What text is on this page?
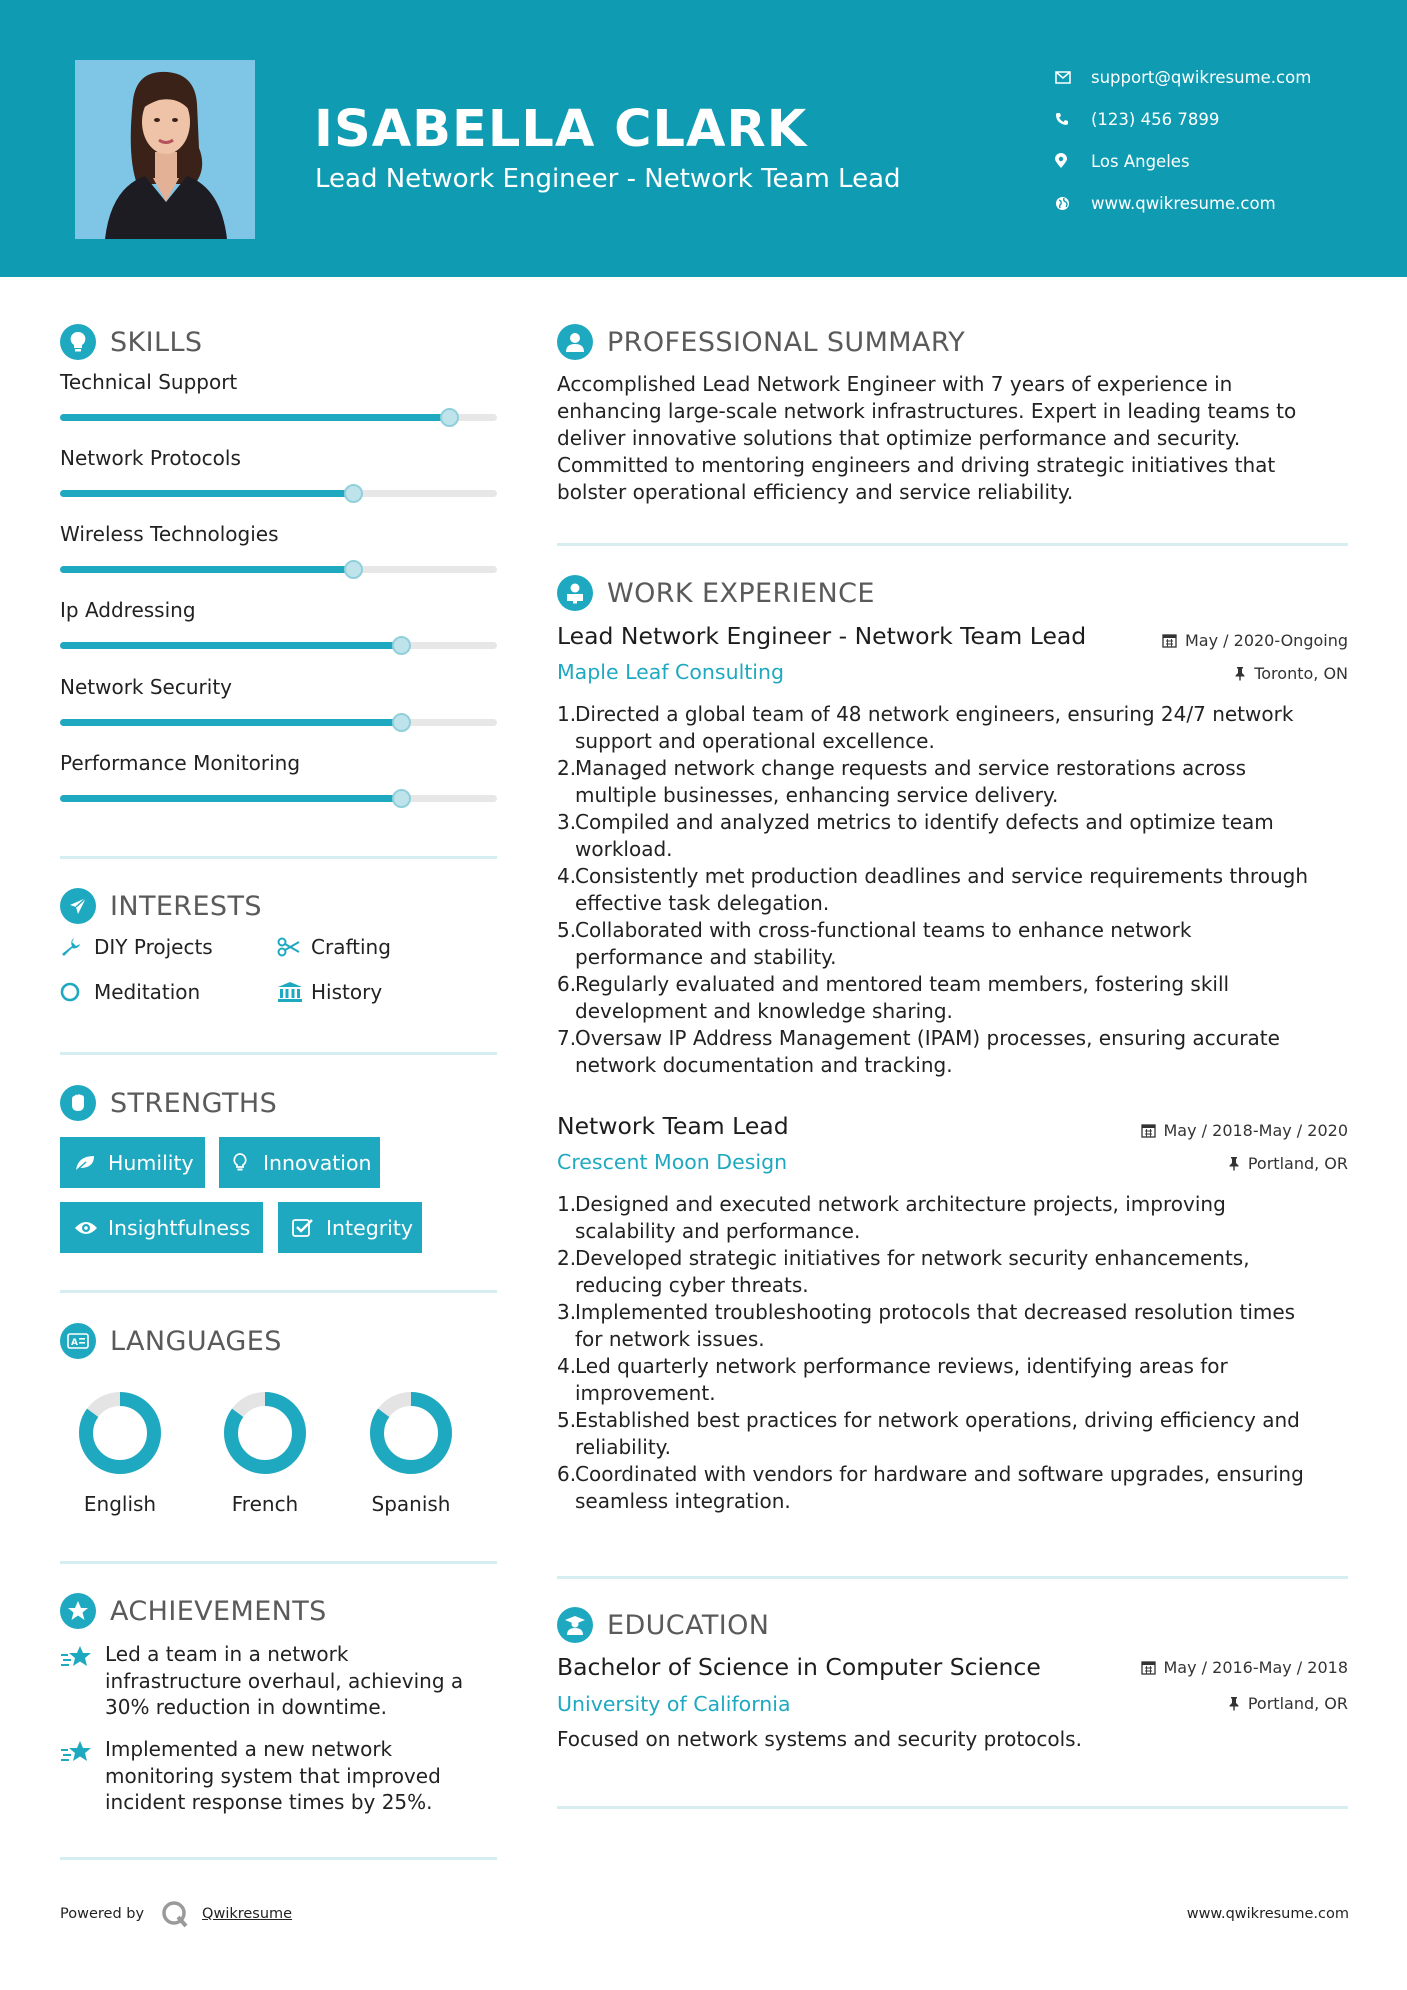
ISABELLA CLARK
Lead Network Engineer - Network Team Lead
support@qwikresume.com
(123) 456 7899
Los Angeles
www.qwikresume.com
SKILLS
Technical Support
Network Protocols
Wireless Technologies
Ip Addressing
Network Security
Performance Monitoring
INTERESTS
DIY Projects	Crafting
Meditation	History
STRENGTHS
Humility	Innovation
Insightfulness	Integrity
A LANGUAGES
English	French	Spanish
ACHIEVEMENTS
Led a team in a network
infrastructure overhaul, achieving a
30% reduction in downtime.
Implemented a new network
monitoring system that improved
incident response times by 25%.
PROFESSIONAL SUMMARY
Accomplished Lead Network Engineer with 7 years of experience in
enhancing large-scale network infrastructures. Expert in leading teams to
deliver innovative solutions that optimize performance and security.
Committed to mentoring engineers and driving strategic initiatives that
bolster operational efficiency and service reliability.
WORK EXPERIENCE
Lead Network Engineer - Network Team Lead	May / 2020-Ongoing
Maple Leaf Consulting	Toronto, ON
1.
Directed a global team of 48 network engineers, ensuring 24/7 network
support and operational excellence.
2.
Managed network change requests and service restorations across
multiple businesses, enhancing service delivery.
3.
Compiled and analyzed metrics to identify defects and optimize team
workload.
4.
Consistently met production deadlines and service requirements through
effective task delegation.
5.
Collaborated with cross-functional teams to enhance network
performance and stability.
6.
Regularly evaluated and mentored team members, fostering skill
development and knowledge sharing.
7.
Oversaw IP Address Management (IPAM) processes, ensuring accurate
network documentation and tracking.
Network Team Lead	May / 2018-May / 2020
Crescent Moon Design	Portland, OR
1.
Designed and executed network architecture projects, improving
scalability and performance.
2.
Developed strategic initiatives for network security enhancements,
reducing cyber threats.
3.
Implemented troubleshooting protocols that decreased resolution times
for network issues.
4.
Led quarterly network performance reviews, identifying areas for
improvement.
5.
Established best practices for network operations, driving efficiency and
reliability.
6.
Coordinated with vendors for hardware and software upgrades, ensuring
seamless integration.
EDUCATION
Bachelor of Science in Computer Science	May / 2016-May / 2018
University of California	Portland, OR
Focused on network systems and security protocols.
Powered by	Qwikresume	www.qwikresume.com
